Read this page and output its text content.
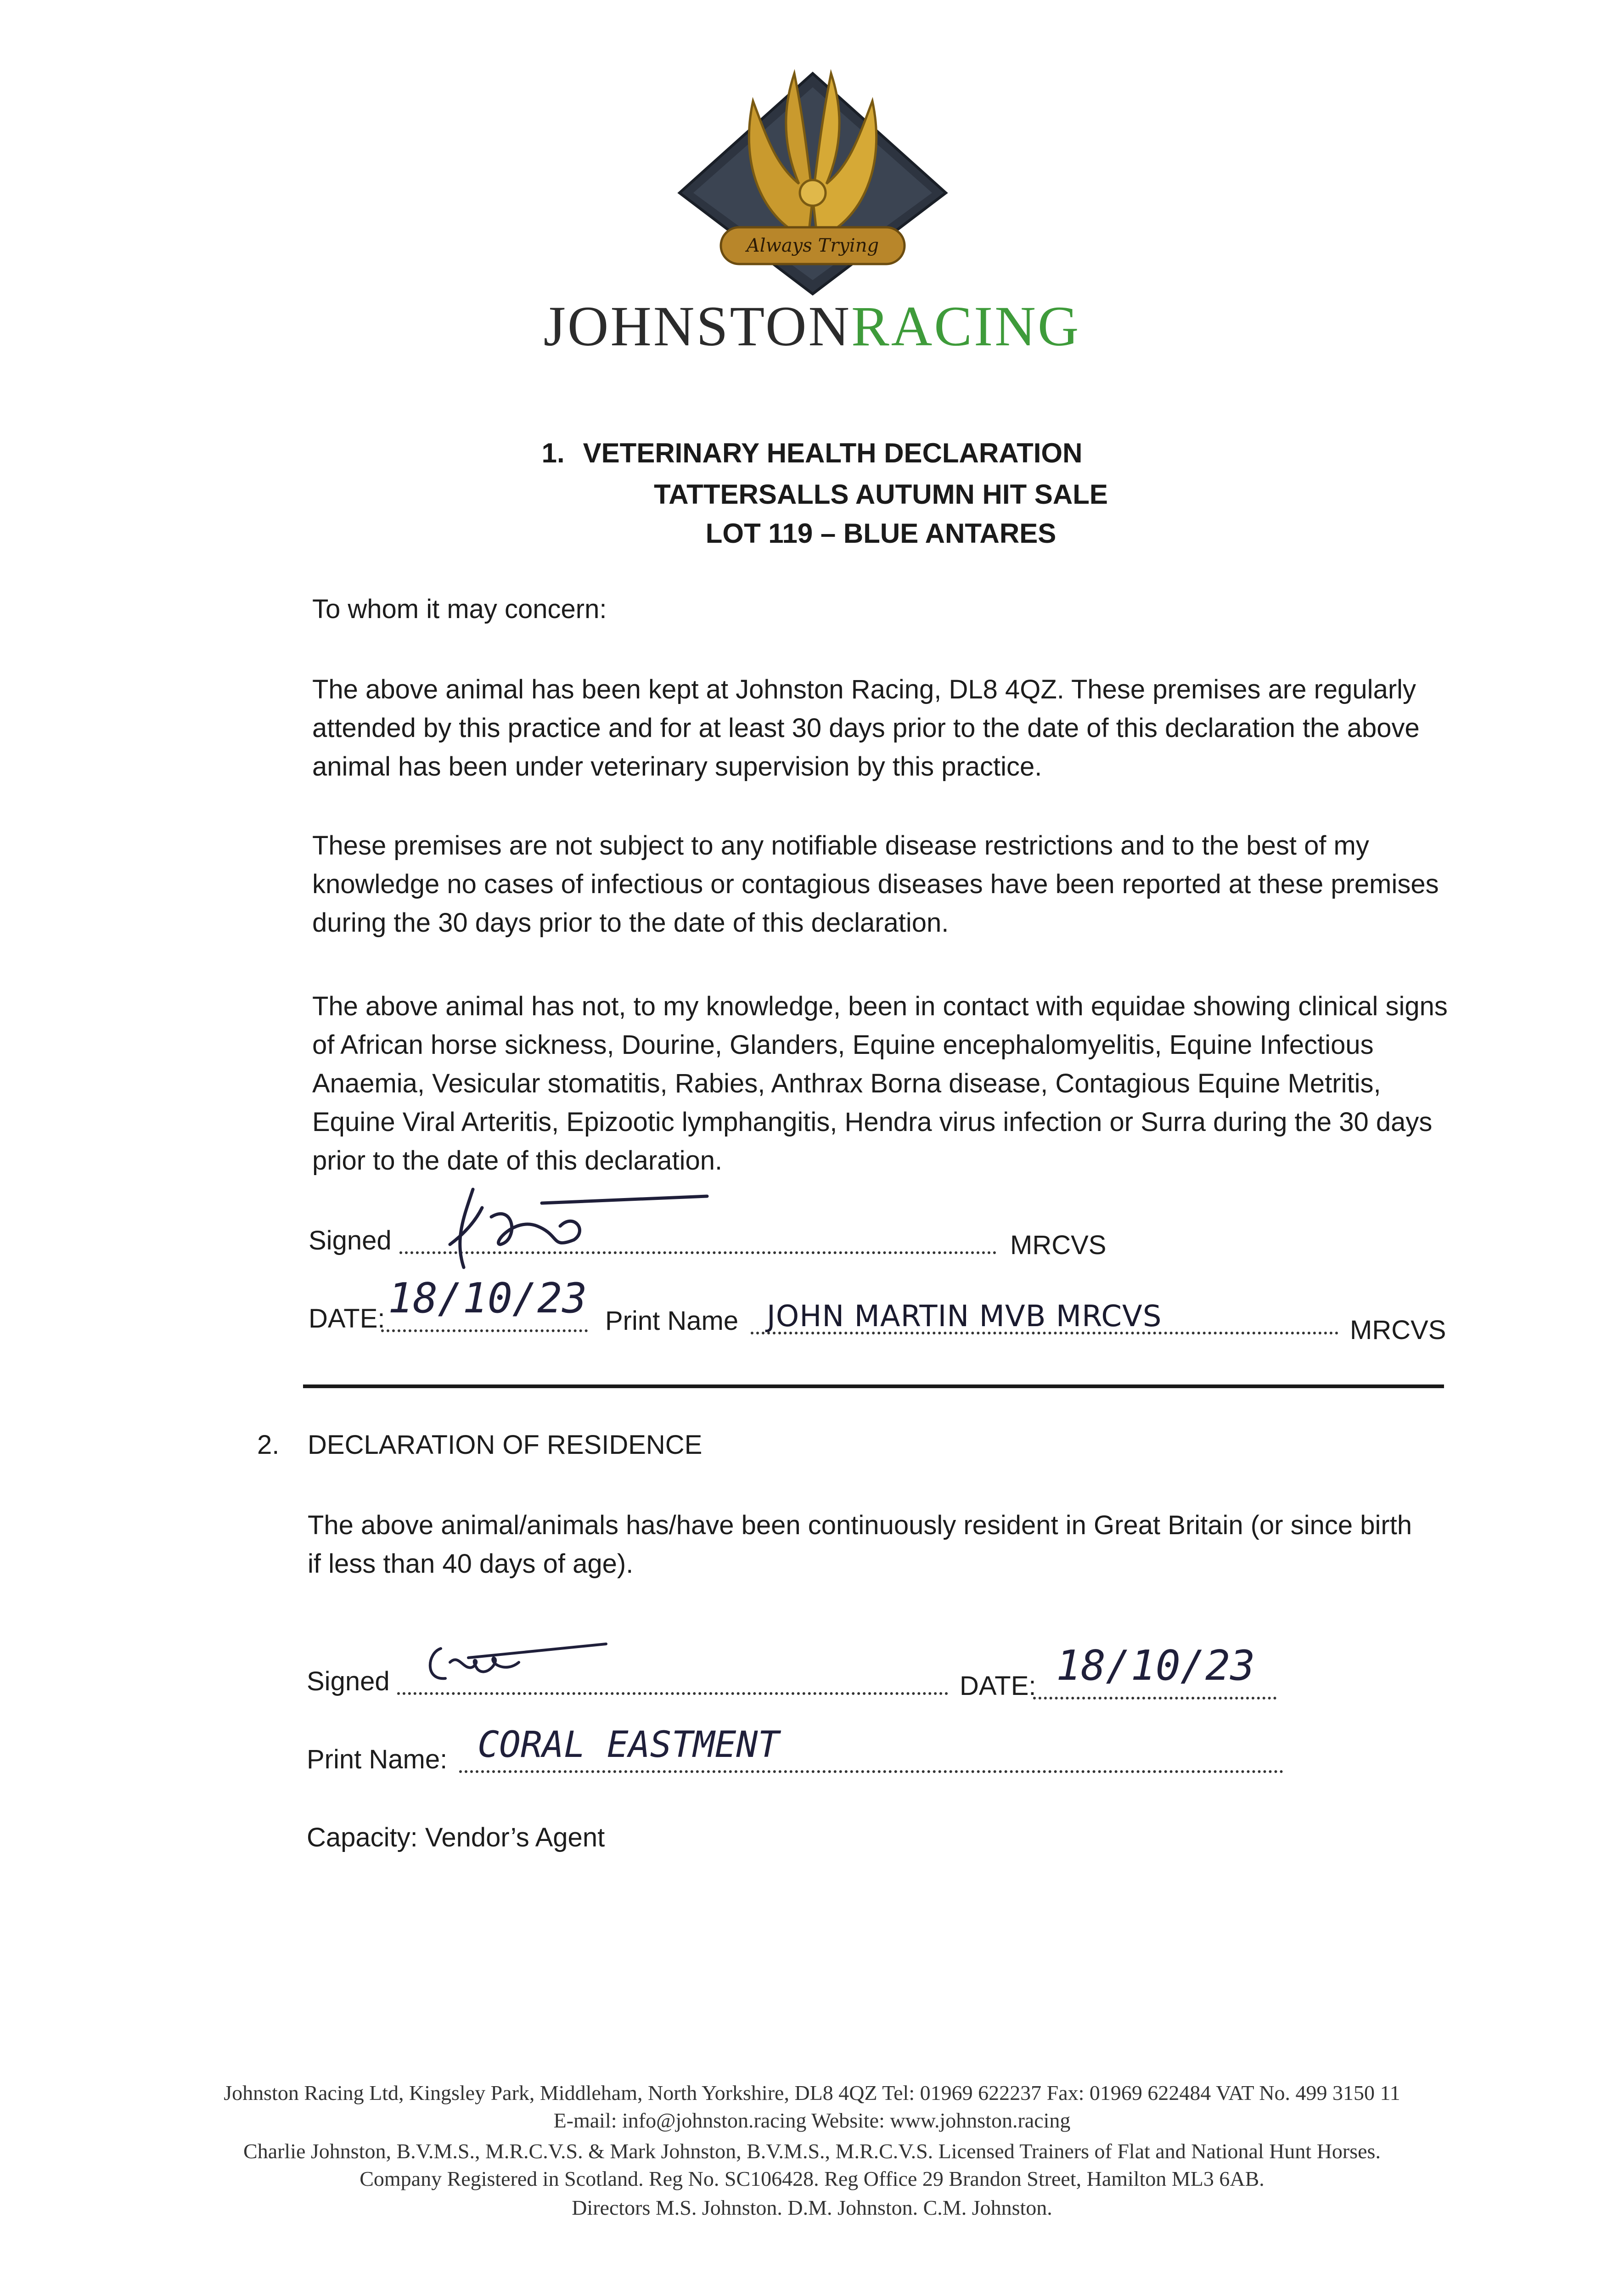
Always Trying
JOHNSTONRACING
1. VETERINARY HEALTH DECLARATION
TATTERSALLS AUTUMN HIT SALE
LOT 119 – BLUE ANTARES
To whom it may concern:
The above animal has been kept at Johnston Racing, DL8 4QZ. These premises are regularly attended by this practice and for at least 30 days prior to the date of this declaration the above animal has been under veterinary supervision by this practice.
These premises are not subject to any notifiable disease restrictions and to the best of my knowledge no cases of infectious or contagious diseases have been reported at these premises during the 30 days prior to the date of this declaration.
The above animal has not, to my knowledge, been in contact with equidae showing clinical signs of African horse sickness, Dourine, Glanders, Equine encephalomyelitis, Equine Infectious Anaemia, Vesicular stomatitis, Rabies, Anthrax Borna disease, Contagious Equine Metritis, Equine Viral Arteritis, Epizootic lymphangitis, Hendra virus infection or Surra during the 30 days prior to the date of this declaration.
Signed	MRCVS
DATE: 18/10/23 Print Name JOHN MARTIN MVB MRCVS	MRCVS
2. DECLARATION OF RESIDENCE
The above animal/animals has/have been continuously resident in Great Britain (or since birth if less than 40 days of age).
Signed	DATE: 18/10/23
Print Name: CORAL EASTMENT
Capacity: Vendor’s Agent
Johnston Racing Ltd, Kingsley Park, Middleham, North Yorkshire, DL8 4QZ Tel: 01969 622237 Fax: 01969 622484 VAT No. 499 3150 11
E-mail: info@johnston.racing Website: www.johnston.racing
Charlie Johnston, B.V.M.S., M.R.C.V.S. & Mark Johnston, B.V.M.S., M.R.C.V.S. Licensed Trainers of Flat and National Hunt Horses.
Company Registered in Scotland. Reg No. SC106428. Reg Office 29 Brandon Street, Hamilton ML3 6AB.
Directors M.S. Johnston. D.M. Johnston. C.M. Johnston.
